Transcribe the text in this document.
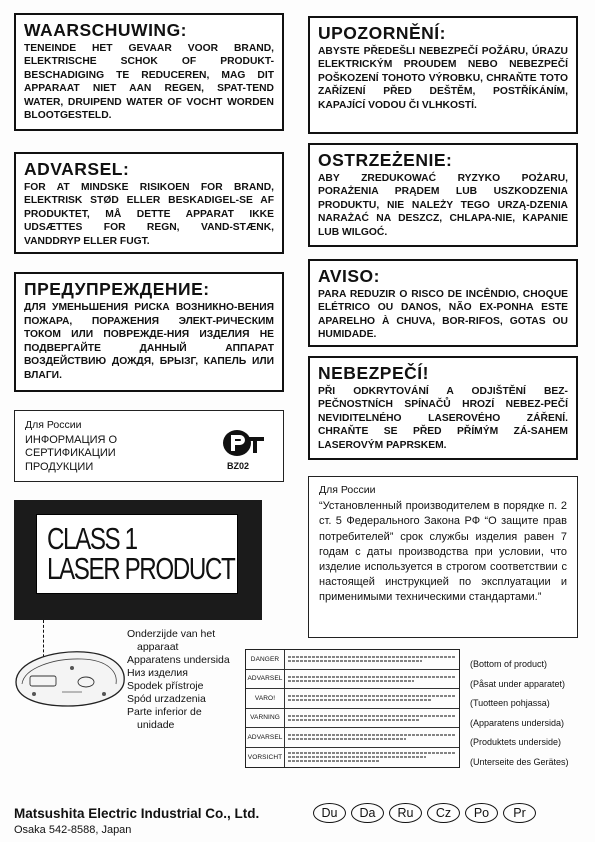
WAARSCHUWING:
TENEINDE HET GEVAAR VOOR BRAND, ELEKTRISCHE SCHOK OF PRODUKT-BESCHADIGING TE REDUCEREN, MAG DIT APPARAAT NIET AAN REGEN, SPAT-TEND WATER, DRUIPEND WATER OF VOCHT WORDEN BLOOTGESTELD.
ADVARSEL:
FOR AT MINDSKE RISIKOEN FOR BRAND, ELEKTRISK STØD ELLER BESKADIGEL-SE AF PRODUKTET, MÅ DETTE APPARAT IKKE UDSÆTTES FOR REGN, VAND-STÆNK, VANDDRYP ELLER FUGT.
ПРЕДУПРЕЖДЕНИЕ:
ДЛЯ УМЕНЬШЕНИЯ РИСКА ВОЗНИКНО-ВЕНИЯ ПОЖАРА, ПОРАЖЕНИЯ ЭЛЕКТ-РИЧЕСКИМ ТОКОМ ИЛИ ПОВРЕЖДЕ-НИЯ ИЗДЕЛИЯ НЕ ПОДВЕРГАЙТЕ ДАННЫЙ АППАРАТ ВОЗДЕЙСТВИЮ ДОЖДЯ, БРЫЗГ, КАПЕЛЬ ИЛИ ВЛАГИ.
Для России
ИНФОРМАЦИЯ О
СЕРТИФИКАЦИИ
ПРОДУКЦИИ	BZ02
UPOZORNĚNÍ:
ABYSTE PŘEDEŠLI NEBEZPEČÍ POŽÁRU, ÚRAZU ELEKTRICKÝM PROUDEM NEBO NEBEZPEČÍ POŠKOZENÍ TOHOTO VÝROBKU, CHRAŇTE TOTO ZAŘÍZENÍ PŘED DEŠTĚM, POSTŘÍKÁNÍM, KAPAJÍCÍ VODOU ČI VLHKOSTÍ.
OSTRZEŻENIE:
ABY ZREDUKOWAĆ RYZYKO POŻARU, PORAŻENIA PRĄDEM LUB USZKODZENIA PRODUKTU, NIE NALEŻY TEGO URZĄ-DZENIA NARAŻAĆ NA DESZCZ, CHLAPA-NIE, KAPANIE LUB WILGOĆ.
AVISO:
PARA REDUZIR O RISCO DE INCÊNDIO, CHOQUE ELÉTRICO OU DANOS, NÃO EX-PONHA ESTE APARELHO À CHUVA, BOR-RIFOS, GOTAS OU HUMIDADE.
NEBEZPEČÍ!
PŘI ODKRYTOVÁNÍ A ODJIŠTĚNÍ BEZ-PEČNOSTNÍCH SPÍNAČŮ HROZÍ NEBEZ-PEČÍ NEVIDITELNÉHO LASEROVÉHO ZÁŘENÍ. CHRAŇTE SE PŘED PŘÍMÝM ZÁ-SAHEM LASEROVÝM PAPRSKEM.
Для России
“Установленный производителем в порядке п. 2 ст. 5 Федерального Закона РФ “О защите прав потребителей” срок службы изделия равен 7 годам с даты производства при условии, что изделие используется в строгом соответствии с настоящей инструкцией по эксплуатации и применимыми техническими стандартами.”
CLASS 1
LASER PRODUCT
Onderzijde van het
apparaat
Apparatens undersida
Низ изделия
Spodek přístroje
Spód urzadzenia
Parte inferior de
unidade
DANGER
ADVARSEL
VARO!
VARNING
ADVARSEL
VORSICHT
(Bottom of product)
(Påsat under apparatet)
(Tuotteen pohjassa)
(Apparatens undersida)
(Produktets underside)
(Unterseite des Gerätes)
Matsushita Electric Industrial Co., Ltd.
Osaka 542-8588, Japan
Du	Da	Ru	Cz	Po	Pr
